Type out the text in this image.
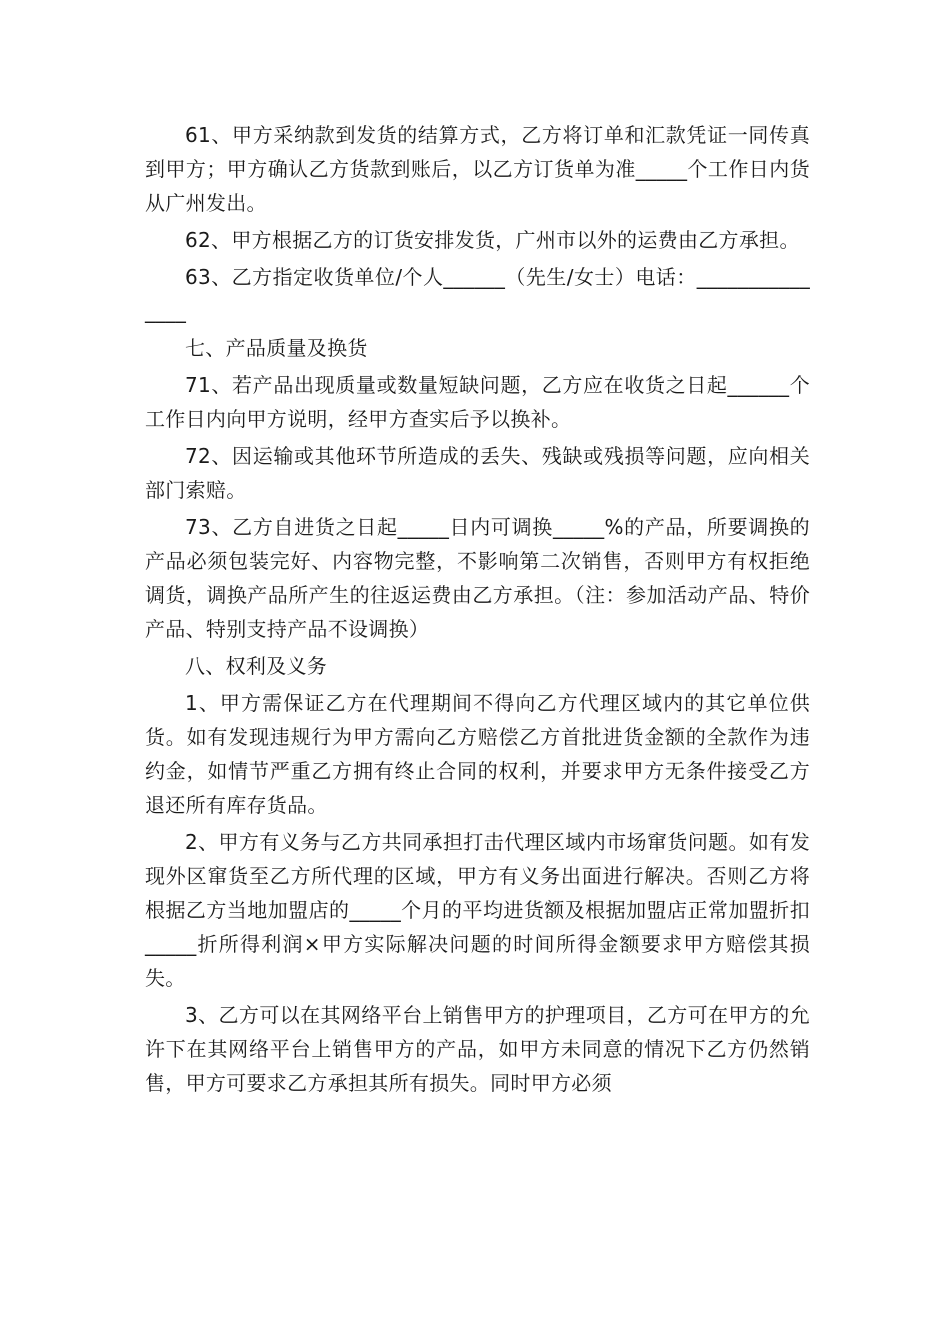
61、甲方采纳款到发货的结算方式，乙方将订单和汇款凭证一同传真到甲方；甲方确认乙方货款到账后，以乙方订货单为准_____个工作日内货从广州发出。

62、甲方根据乙方的订货安排发货，广州市以外的运费由乙方承担。

63、乙方指定收货单位/个人______（先生/女士）电话：_______________

七、产品质量及换货

71、若产品出现质量或数量短缺问题，乙方应在收货之日起______个工作日内向甲方说明，经甲方查实后予以换补。

72、因运输或其他环节所造成的丢失、残缺或残损等问题，应向相关部门索赔。

73、乙方自进货之日起_____日内可调换_____%的产品，所要调换的产品必须包装完好、内容物完整，不影响第二次销售，否则甲方有权拒绝调货，调换产品所产生的往返运费由乙方承担。（注：参加活动产品、特价产品、特别支持产品不设调换）

八、权利及义务

1、甲方需保证乙方在代理期间不得向乙方代理区域内的其它单位供货。如有发现违规行为甲方需向乙方赔偿乙方首批进货金额的全款作为违约金，如情节严重乙方拥有终止合同的权利，并要求甲方无条件接受乙方退还所有库存货品。

2、甲方有义务与乙方共同承担打击代理区域内市场窜货问题。如有发现外区窜货至乙方所代理的区域，甲方有义务出面进行解决。否则乙方将根据乙方当地加盟店的_____个月的平均进货额及根据加盟店正常加盟折扣_____折所得利润×甲方实际解决问题的时间所得金额要求甲方赔偿其损失。

3、乙方可以在其网络平台上销售甲方的护理项目，乙方可在甲方的允许下在其网络平台上销售甲方的产品，如甲方未同意的情况下乙方仍然销售，甲方可要求乙方承担其所有损失。同时甲方必须
